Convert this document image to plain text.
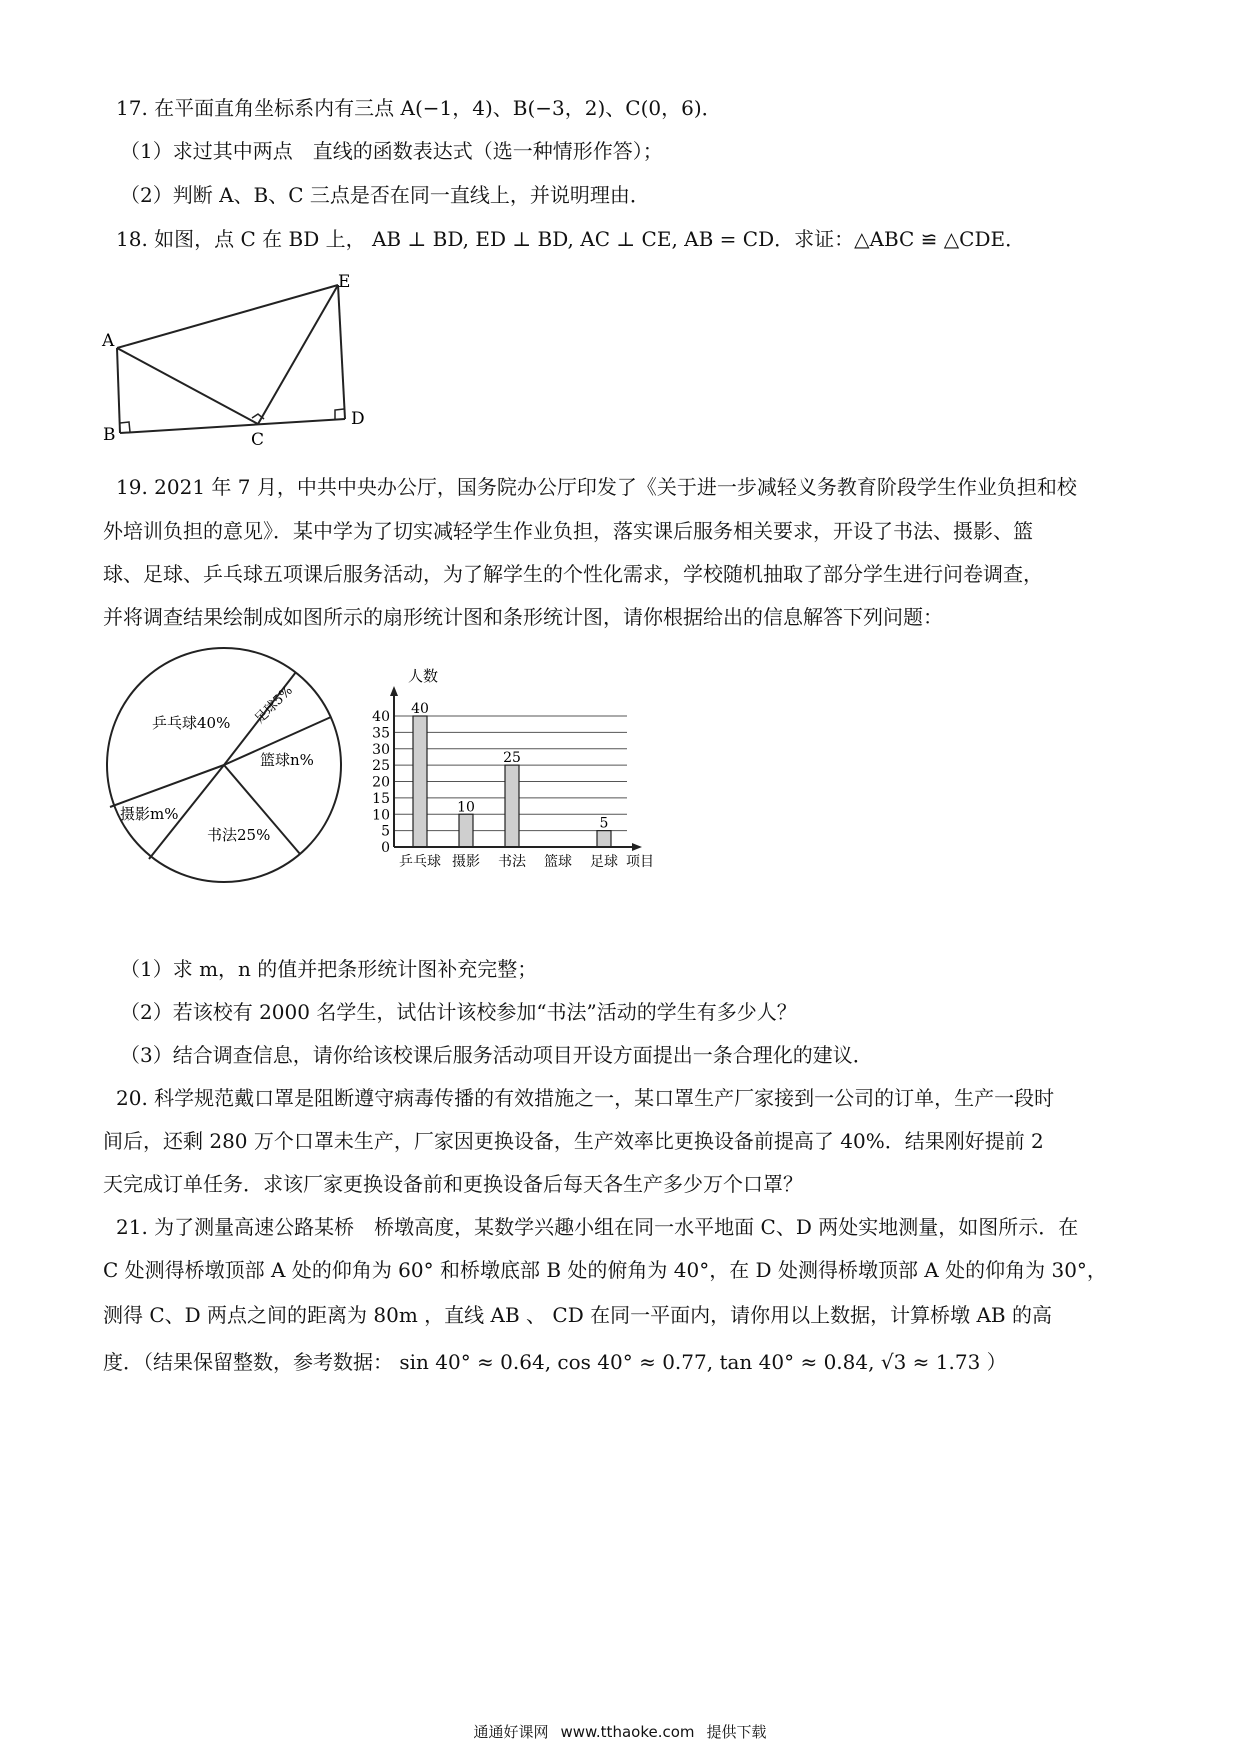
17. 在平面直角坐标系内有三点 A(−1，4)、B(−3，2)、C(0，6)．
（1）求过其中两点　直线的函数表达式（选一种情形作答）；
（2）判断 A、B、C 三点是否在同一直线上，并说明理由．
18. 如图，点 C 在 BD 上， AB ⊥ BD, ED ⊥ BD, AC ⊥ CE, AB = CD．求证：△ABC ≌ △CDE．
A
B	C
D
E
19. 2021 年 7 月，中共中央办公厅，国务院办公厅印发了《关于进一步减轻义务教育阶段学生作业负担和校
外培训负担的意见》．某中学为了切实减轻学生作业负担，落实课后服务相关要求，开设了书法、摄影、篮
球、足球、乒乓球五项课后服务活动，为了解学生的个性化需求，学校随机抽取了部分学生进行问卷调查，
并将调查结果绘制成如图所示的扇形统计图和条形统计图，请你根据给出的信息解答下列问题：
乒乓球40% 足球5%
篮球n%
书法25%
摄影m%
人数
0
5
10
15
20
25
30
35
40 40
10
25
5
乒乓球 摄影 书法 篮球 足球 项目
（1）求 m，n 的值并把条形统计图补充完整；
（2）若该校有 2000 名学生，试估计该校参加“书法”活动的学生有多少人？
（3）结合调查信息，请你给该校课后服务活动项目开设方面提出一条合理化的建议．
20. 科学规范戴口罩是阻断遵守病毒传播的有效措施之一，某口罩生产厂家接到一公司的订单，生产一段时
间后，还剩 280 万个口罩未生产，厂家因更换设备，生产效率比更换设备前提高了 40%．结果刚好提前 2
天完成订单任务．求该厂家更换设备前和更换设备后每天各生产多少万个口罩？
21. 为了测量高速公路某桥　桥墩高度，某数学兴趣小组在同一水平地面 C、D 两处实地测量，如图所示．在
C 处测得桥墩顶部 A 处的仰角为 60° 和桥墩底部 B 处的俯角为 40°，在 D 处测得桥墩顶部 A 处的仰角为 30°，
测得 C、D 两点之间的距离为 80m ，直线 AB 、 CD 在同一平面内，请你用以上数据，计算桥墩 AB 的高
度．（结果保留整数，参考数据： sin 40° ≈ 0.64, cos 40° ≈ 0.77, tan 40° ≈ 0.84, √3 ≈ 1.73 ）
通通好课网 www.tthaoke.com 提供下载
